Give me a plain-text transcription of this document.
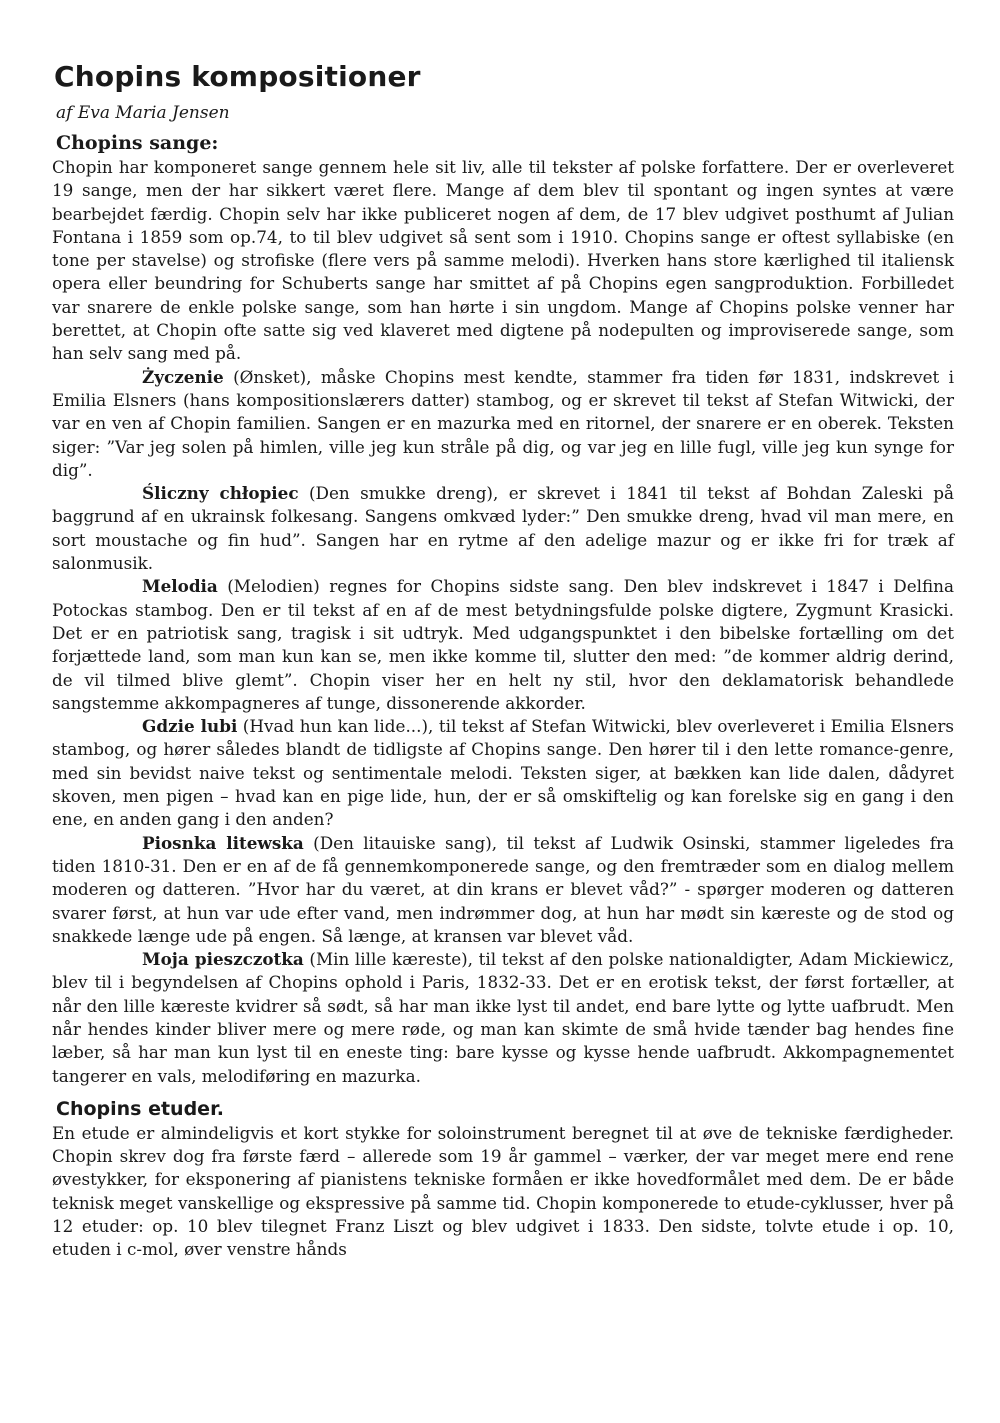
Chopins kompositioner
af Eva Maria Jensen
Chopins sange:

Chopin har komponeret sange gennem hele sit liv, alle til tekster af polske forfattere. Der er overleveret 19 sange, men der har sikkert været flere. Mange af dem blev til spontant og ingen syntes at være bearbejdet færdig. Chopin selv har ikke publiceret nogen af dem, de 17 blev udgivet posthumt af Julian Fontana i 1859 som op.74, to til blev udgivet så sent som i 1910. Chopins sange er oftest syllabiske (en tone per stavelse) og strofiske (flere vers på samme melodi). Hverken hans store kærlighed til italiensk opera eller beundring for Schuberts sange har smittet af på Chopins egen sangproduktion. Forbilledet var snarere de enkle polske sange, som han hørte i sin ungdom. Mange af Chopins polske venner har berettet, at Chopin ofte satte sig ved klaveret med digtene på nodepulten og improviserede sange, som han selv sang med på.

Życzenie (Ønsket), måske Chopins mest kendte, stammer fra tiden før 1831, indskrevet i Emilia Elsners (hans kompositionslærers datter) stambog, og er skrevet til tekst af Stefan Witwicki, der var en ven af Chopin familien. Sangen er en mazurka med en ritornel, der snarere er en oberek. Teksten siger: ”Var jeg solen på himlen, ville jeg kun stråle på dig, og var jeg en lille fugl, ville jeg kun synge for dig”.

Śliczny chłopiec (Den smukke dreng), er skrevet i 1841 til tekst af Bohdan Zaleski på baggrund af en ukrainsk folkesang. Sangens omkvæd lyder:” Den smukke dreng, hvad vil man mere, en sort moustache og fin hud”. Sangen har en rytme af den adelige mazur og er ikke fri for træk af salonmusik.

Melodia (Melodien) regnes for Chopins sidste sang. Den blev indskrevet i 1847 i Delfina Potockas stambog. Den er til tekst af en af de mest betydningsfulde polske digtere, Zygmunt Krasicki. Det er en patriotisk sang, tragisk i sit udtryk. Med udgangspunktet i den bibelske fortælling om det forjættede land, som man kun kan se, men ikke komme til, slutter den med: ”de kommer aldrig derind, de vil tilmed blive glemt”. Chopin viser her en helt ny stil, hvor den deklamatorisk behandlede sangstemme akkompagneres af tunge, dissonerende akkorder.

Gdzie lubi (Hvad hun kan lide...), til tekst af Stefan Witwicki, blev overleveret i Emilia Elsners stambog, og hører således blandt de tidligste af Chopins sange. Den hører til i den lette romance-genre, med sin bevidst naive tekst og sentimentale melodi. Teksten siger, at bækken kan lide dalen, dådyret skoven, men pigen – hvad kan en pige lide, hun, der er så omskiftelig og kan forelske sig en gang i den ene, en anden gang i den anden?

Piosnka litewska (Den litauiske sang), til tekst af Ludwik Osinski, stammer ligeledes fra tiden 1810-31. Den er en af de få gennemkomponerede sange, og den fremtræder som en dialog mellem moderen og datteren. ”Hvor har du været, at din krans er blevet våd?” - spørger moderen og datteren svarer først, at hun var ude efter vand, men indrømmer dog, at hun har mødt sin kæreste og de stod og snakkede længe ude på engen. Så længe, at kransen var blevet våd.

Moja pieszczotka (Min lille kæreste), til tekst af den polske nationaldigter, Adam Mickiewicz, blev til i begyndelsen af Chopins ophold i Paris, 1832-33. Det er en erotisk tekst, der først fortæller, at når den lille kæreste kvidrer så sødt, så har man ikke lyst til andet, end bare lytte og lytte uafbrudt. Men når hendes kinder bliver mere og mere røde, og man kan skimte de små hvide tænder bag hendes fine læber, så har man kun lyst til en eneste ting: bare kysse og kysse hende uafbrudt. Akkompagnementet tangerer en vals, melodiføring en mazurka.

Chopins etuder.

En etude er almindeligvis et kort stykke for soloinstrument beregnet til at øve de tekniske færdigheder. Chopin skrev dog fra første færd – allerede som 19 år gammel – værker, der var meget mere end rene øvestykker, for eksponering af pianistens tekniske formåen er ikke hovedformålet med dem. De er både teknisk meget vanskellige og ekspressive på samme tid. Chopin komponerede to etude-cyklusser, hver på 12 etuder: op. 10 blev tilegnet Franz Liszt og blev udgivet i 1833. Den sidste, tolvte etude i op. 10, etuden i c-mol, øver venstre hånds
